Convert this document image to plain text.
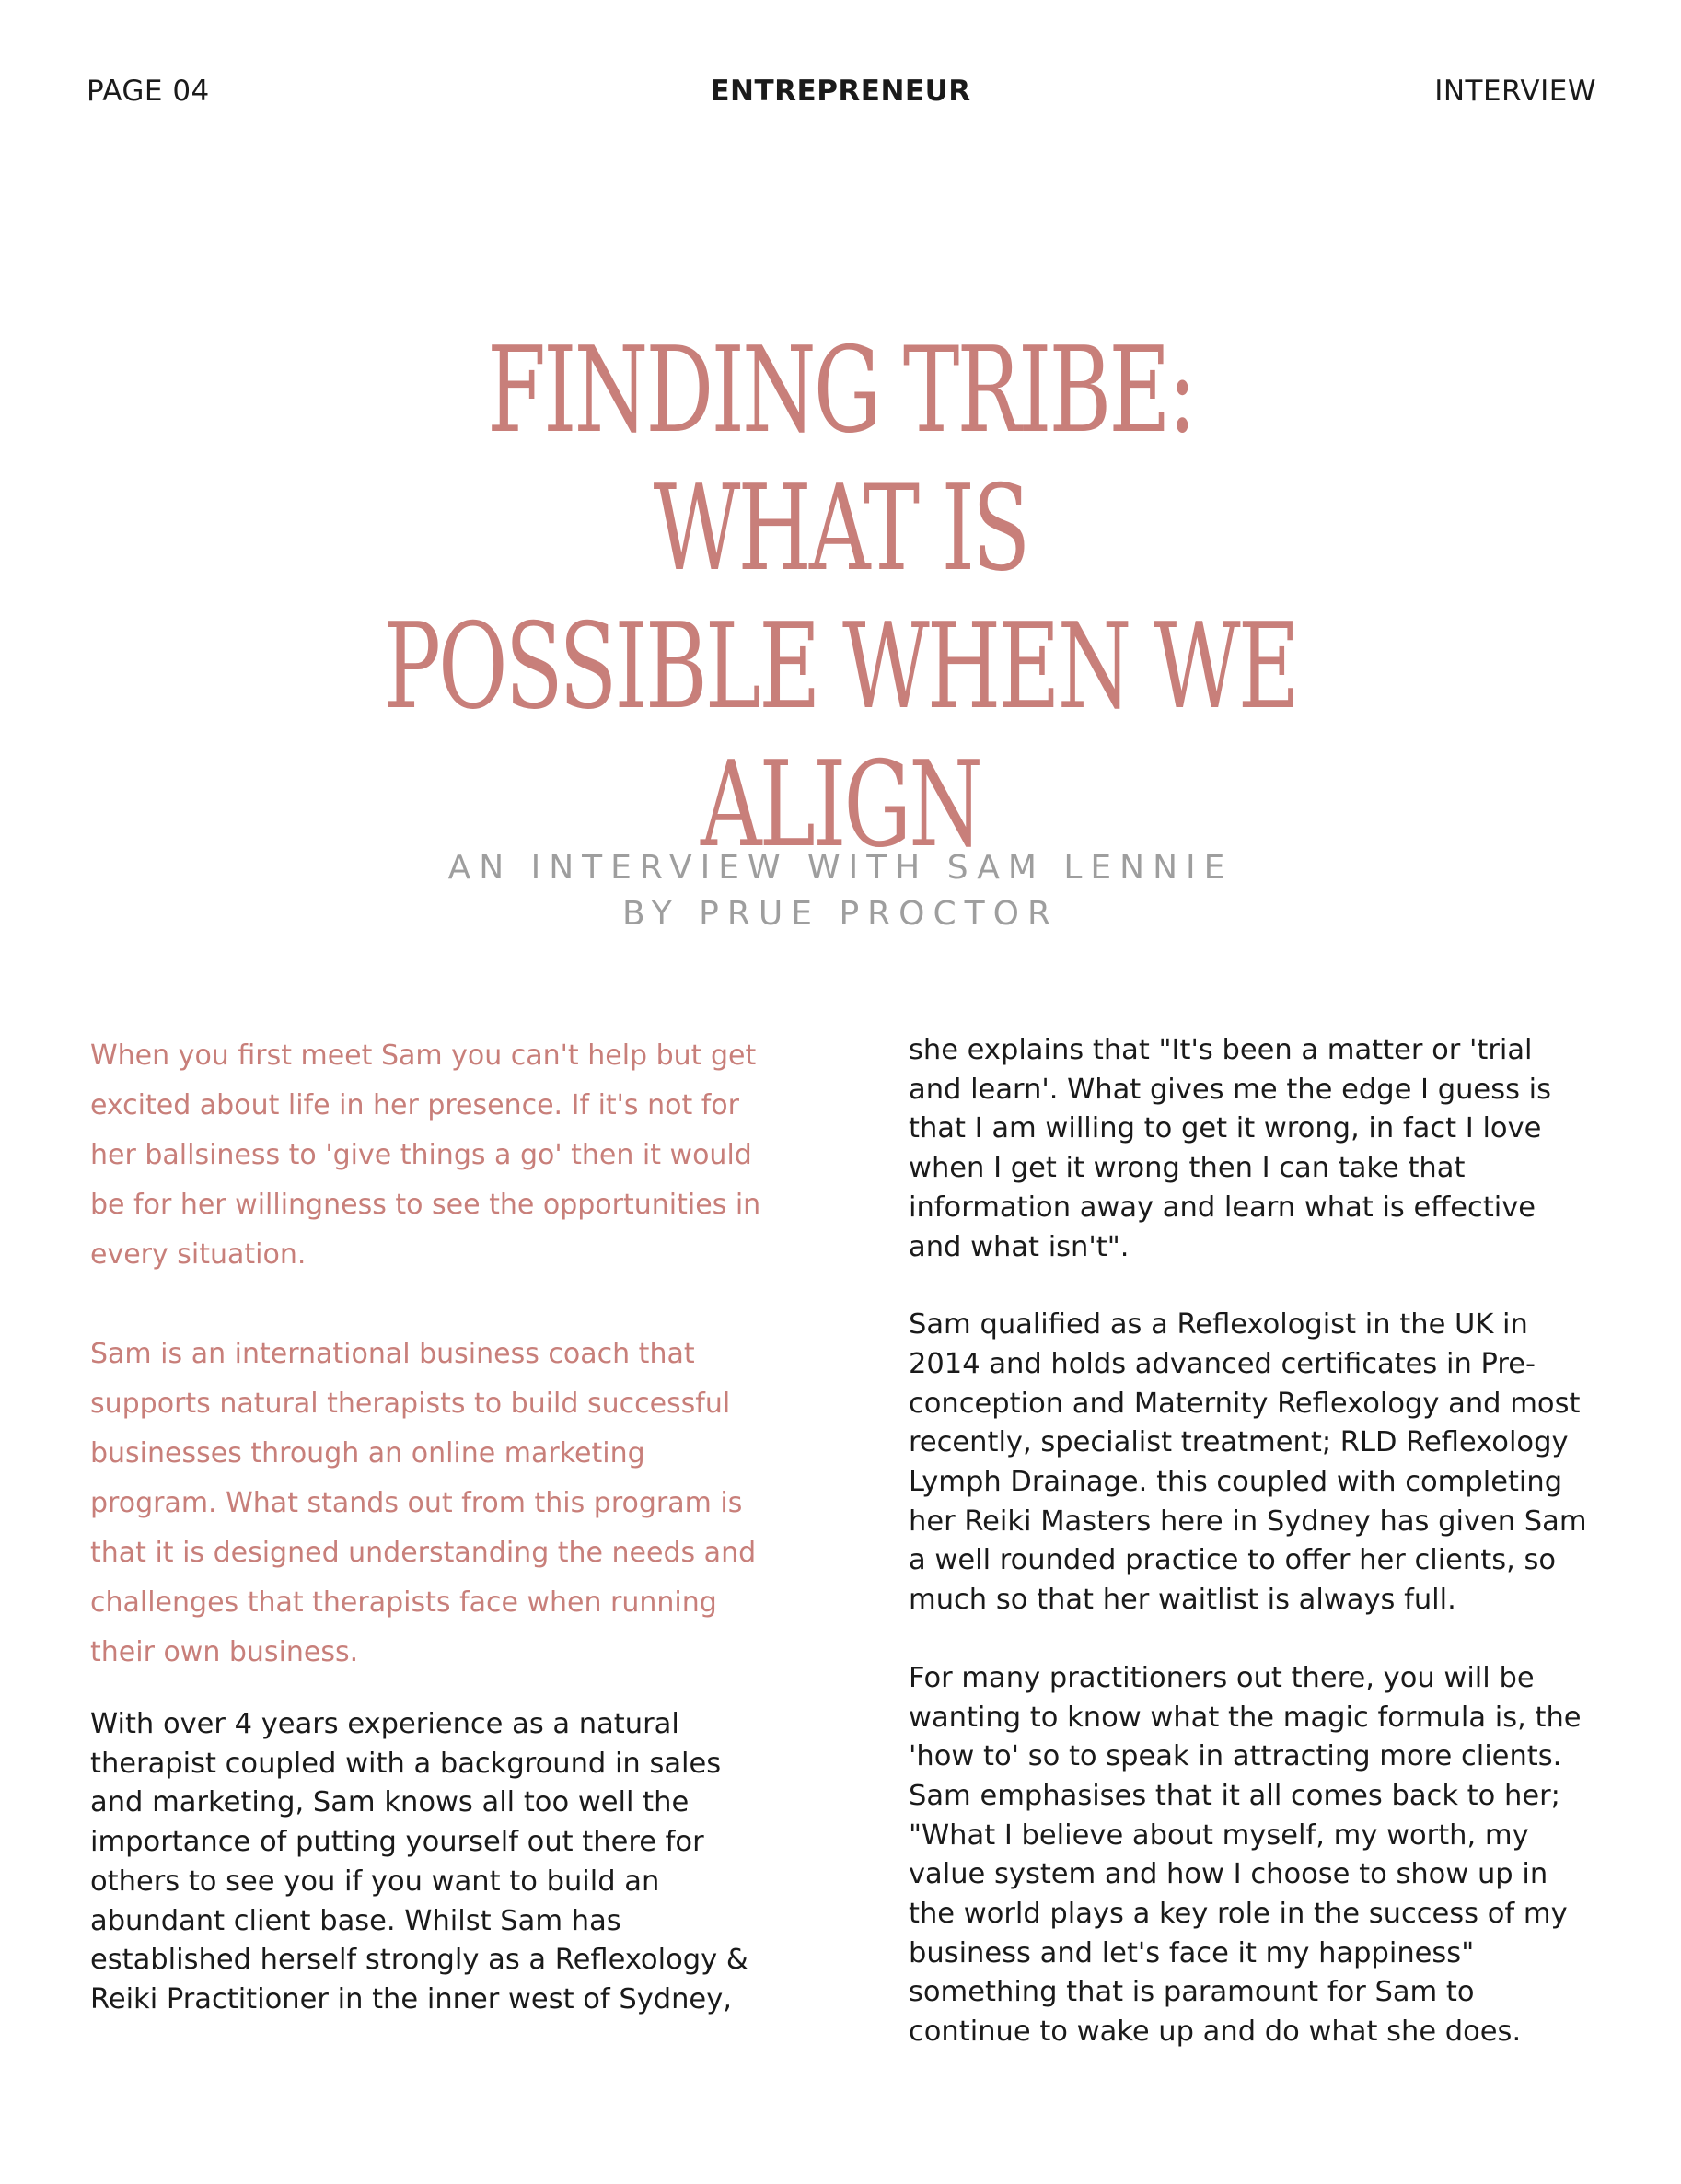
PAGE 04	ENTREPRENEUR	INTERVIEW
FINDING TRIBE:
WHAT IS
POSSIBLE WHEN WE
ALIGN
AN INTERVIEW WITH SAM LENNIE
BY PRUE PROCTOR

When you first meet Sam you can't help but get excited about life in her presence. If it's not for her ballsiness to 'give things a go' then it would be for her willingness to see the opportunities in every situation.

Sam is an international business coach that supports natural therapists to build successful businesses through an online marketing program. What stands out from this program is that it is designed understanding the needs and challenges that therapists face when running their own business.

With over 4 years experience as a natural therapist coupled with a background in sales and marketing, Sam knows all too well the importance of putting yourself out there for others to see you if you want to build an abundant client base. Whilst Sam has established herself strongly as a Reflexology & Reiki Practitioner in the inner west of Sydney,

she explains that "It's been a matter or 'trial and learn'. What gives me the edge I guess is that I am willing to get it wrong, in fact I love when I get it wrong then I can take that information away and learn what is effective and what isn't".

Sam qualified as a Reflexologist in the UK in 2014 and holds advanced certificates in Pre-conception and Maternity Reflexology and most recently, specialist treatment; RLD Reflexology Lymph Drainage. this coupled with completing her Reiki Masters here in Sydney has given Sam a well rounded practice to offer her clients, so much so that her waitlist is always full.

For many practitioners out there, you will be wanting to know what the magic formula is, the 'how to' so to speak in attracting more clients. Sam emphasises that it all comes back to her; "What I believe about myself, my worth, my value system and how I choose to show up in the world plays a key role in the success of my business and let's face it my happiness" something that is paramount for Sam to continue to wake up and do what she does.
